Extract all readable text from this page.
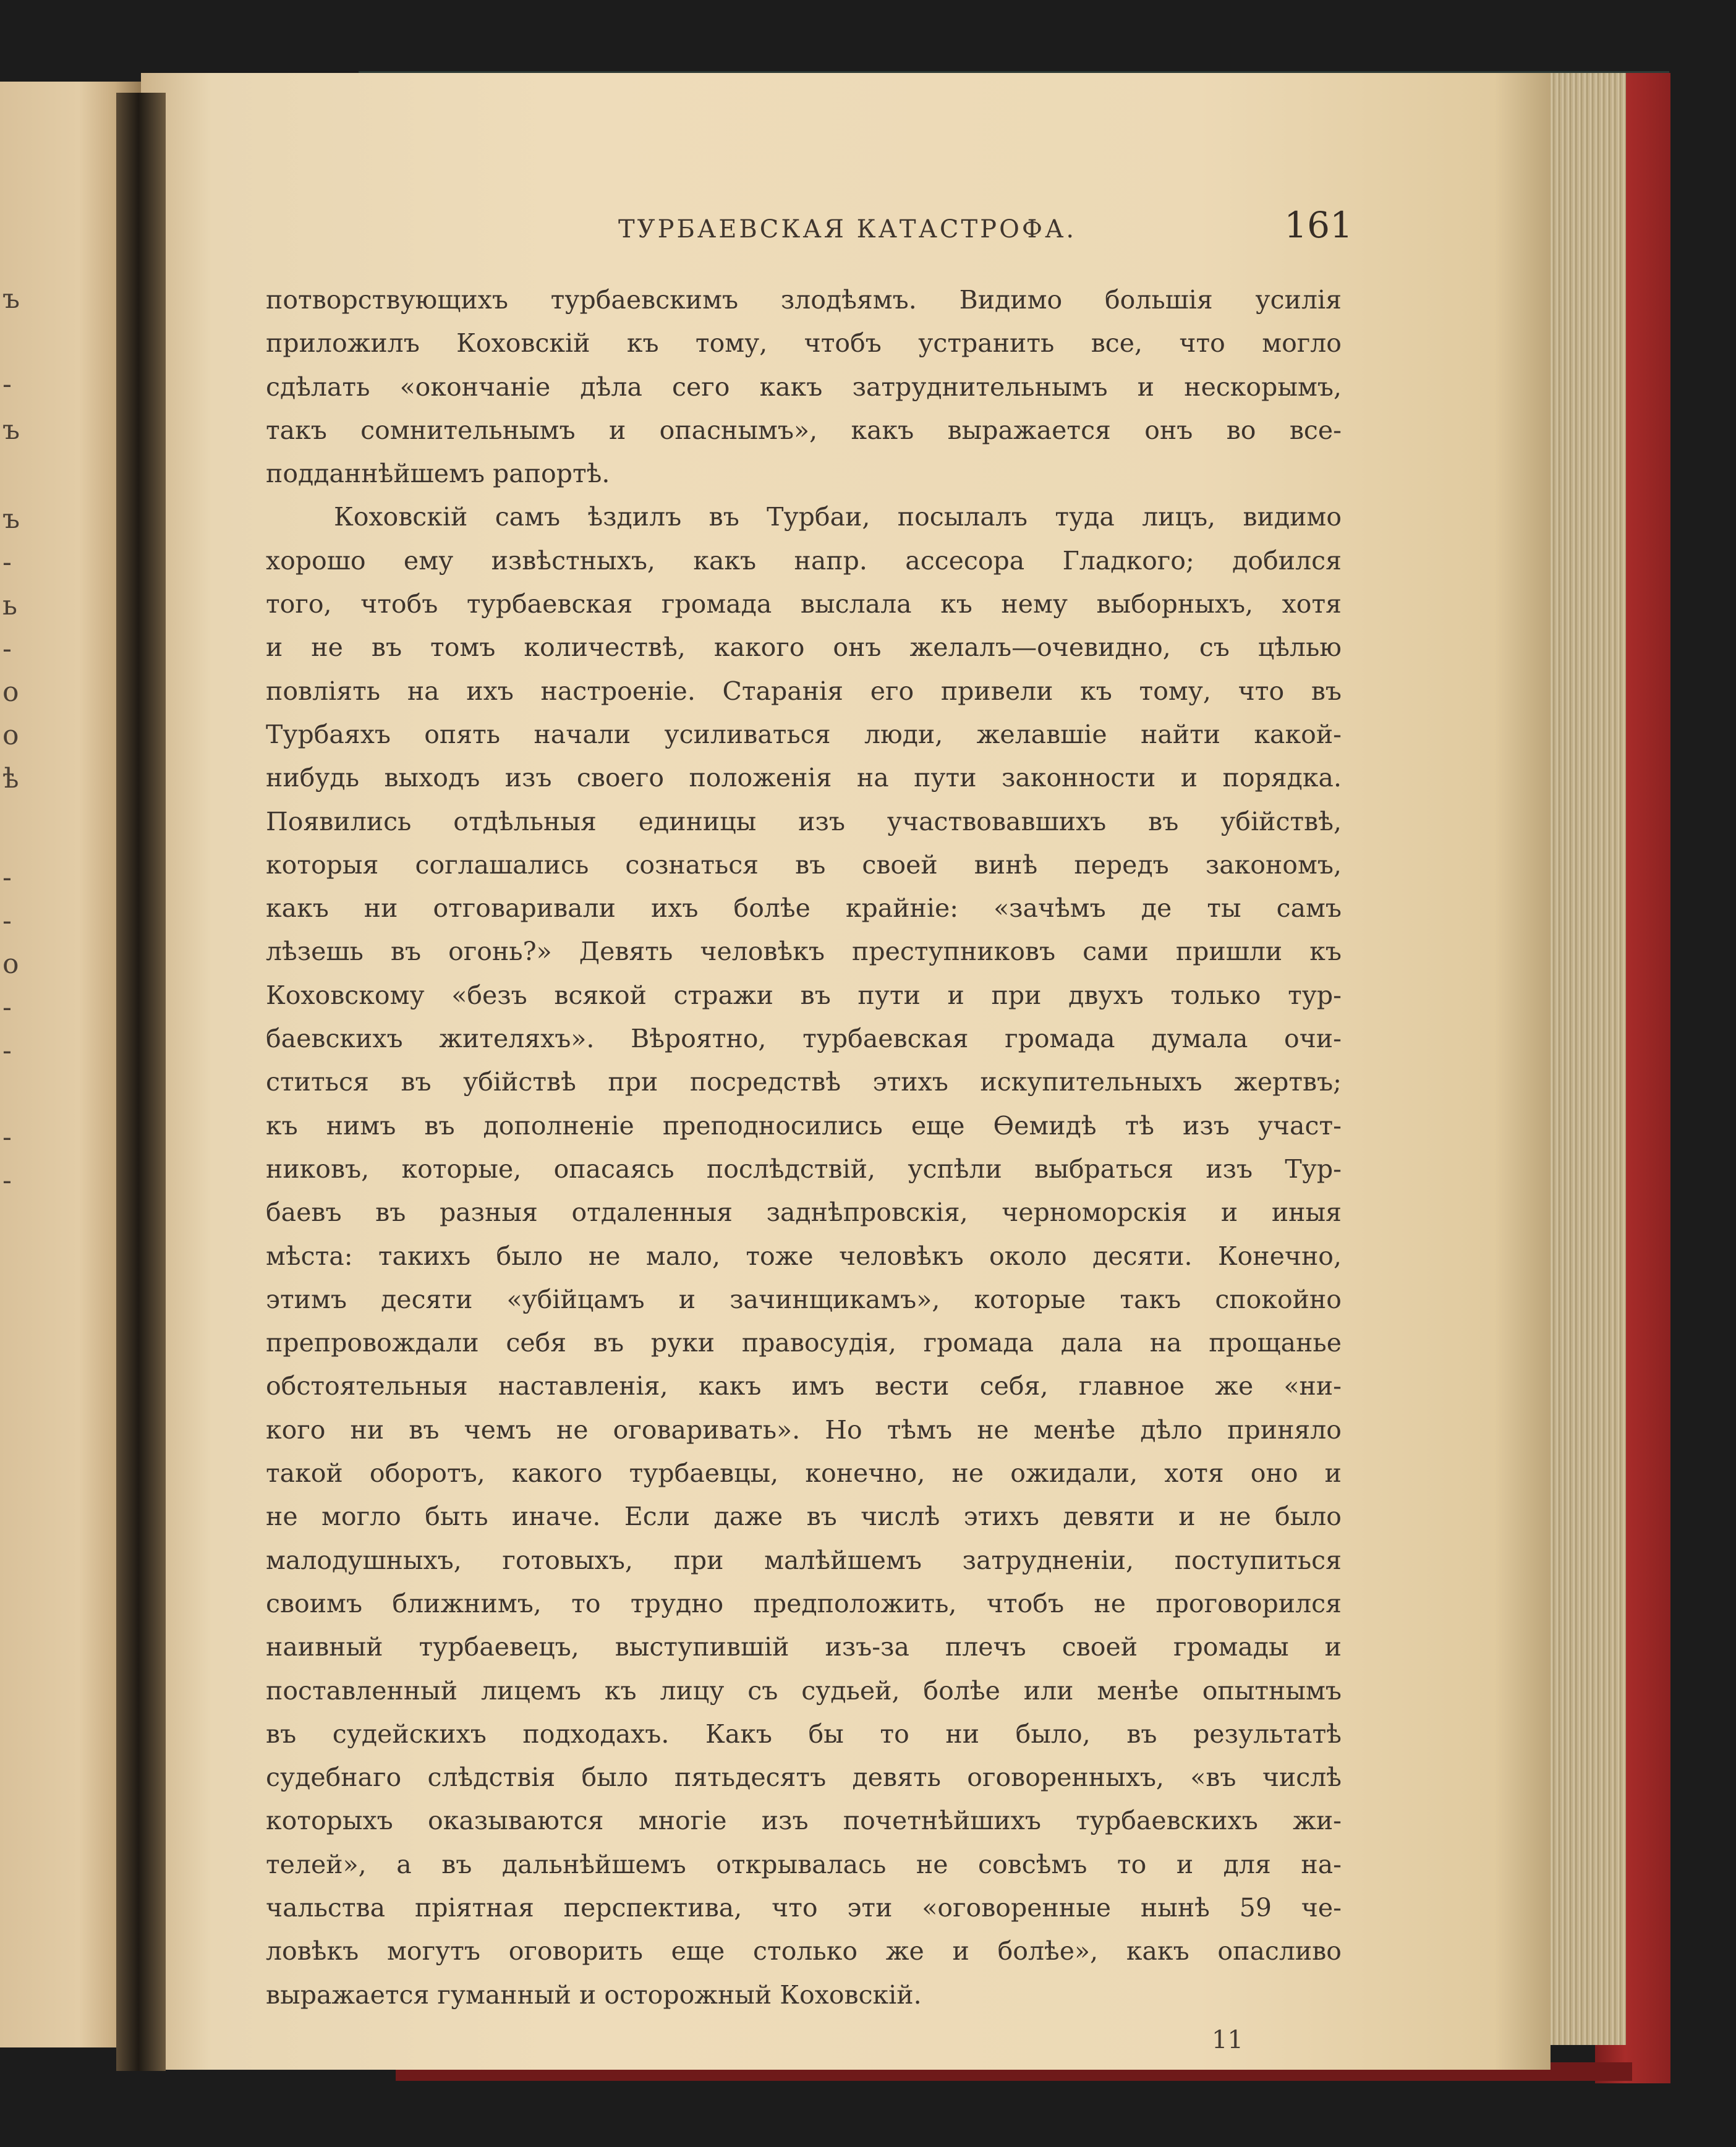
ъ
-
ъ
ъ
-
ь
-
о
о
ѣ
-
-
о
-
-
-
-
ТУРБАЕВСКАЯ КАТАСТРОФА.	161
потворствующихъ турбаевскимъ злодѣямъ. Видимо большія усилія
приложилъ Коховскій къ тому, чтобъ устранить все, что могло
сдѣлать «окончаніе дѣла сего какъ затруднительнымъ и нескорымъ,
такъ сомнительнымъ и опаснымъ», какъ выражается онъ во все-
подданнѣйшемъ рапортѣ.
Коховскій самъ ѣздилъ въ Турбаи, посылалъ туда лицъ, видимо
хорошо ему извѣстныхъ, какъ напр. ассесора Гладкого; добился
того, чтобъ турбаевская громада выслала къ нему выборныхъ, хотя
и не въ томъ количествѣ, какого онъ желалъ—очевидно, съ цѣлью
повліять на ихъ настроеніе. Старанія его привели къ тому, что въ
Турбаяхъ опять начали усиливаться люди, желавшіе найти какой-
нибудь выходъ изъ своего положенія на пути законности и порядка.
Появились отдѣльныя единицы изъ участвовавшихъ въ убійствѣ,
которыя соглашались сознаться въ своей винѣ передъ закономъ,
какъ ни отговаривали ихъ болѣе крайніе: «зачѣмъ де ты самъ
лѣзешь въ огонь?» Девять человѣкъ преступниковъ сами пришли къ
Коховскому «безъ всякой стражи въ пути и при двухъ только тур-
баевскихъ жителяхъ». Вѣроятно, турбаевская громада думала очи-
ститься въ убійствѣ при посредствѣ этихъ искупительныхъ жертвъ;
къ нимъ въ дополненіе преподносились еще Ѳемидѣ тѣ изъ участ-
никовъ, которые, опасаясь послѣдствій, успѣли выбраться изъ Тур-
баевъ въ разныя отдаленныя заднѣпровскія, черноморскія и иныя
мѣста: такихъ было не мало, тоже человѣкъ около десяти. Конечно,
этимъ десяти «убійцамъ и зачинщикамъ», которые такъ спокойно
препровождали себя въ руки правосудія, громада дала на прощанье
обстоятельныя наставленія, какъ имъ вести себя, главное же «ни-
кого ни въ чемъ не оговаривать». Но тѣмъ не менѣе дѣло приняло
такой оборотъ, какого турбаевцы, конечно, не ожидали, хотя оно и
не могло быть иначе. Если даже въ числѣ этихъ девяти и не было
малодушныхъ, готовыхъ, при малѣйшемъ затрудненіи, поступиться
своимъ ближнимъ, то трудно предположить, чтобъ не проговорился
наивный турбаевецъ, выступившій изъ-за плечъ своей громады и
поставленный лицемъ къ лицу съ судьей, болѣе или менѣе опытнымъ
въ судейскихъ подходахъ. Какъ бы то ни было, въ результатѣ
судебнаго слѣдствія было пятьдесятъ девять оговоренныхъ, «въ числѣ
которыхъ оказываются многіе изъ почетнѣйшихъ турбаевскихъ жи-
телей», а въ дальнѣйшемъ открывалась не совсѣмъ то и для на-
чальства пріятная перспектива, что эти «оговоренные нынѣ 59 че-
ловѣкъ могутъ оговорить еще столько же и болѣе», какъ опасливо
выражается гуманный и осторожный Коховскій.
11
